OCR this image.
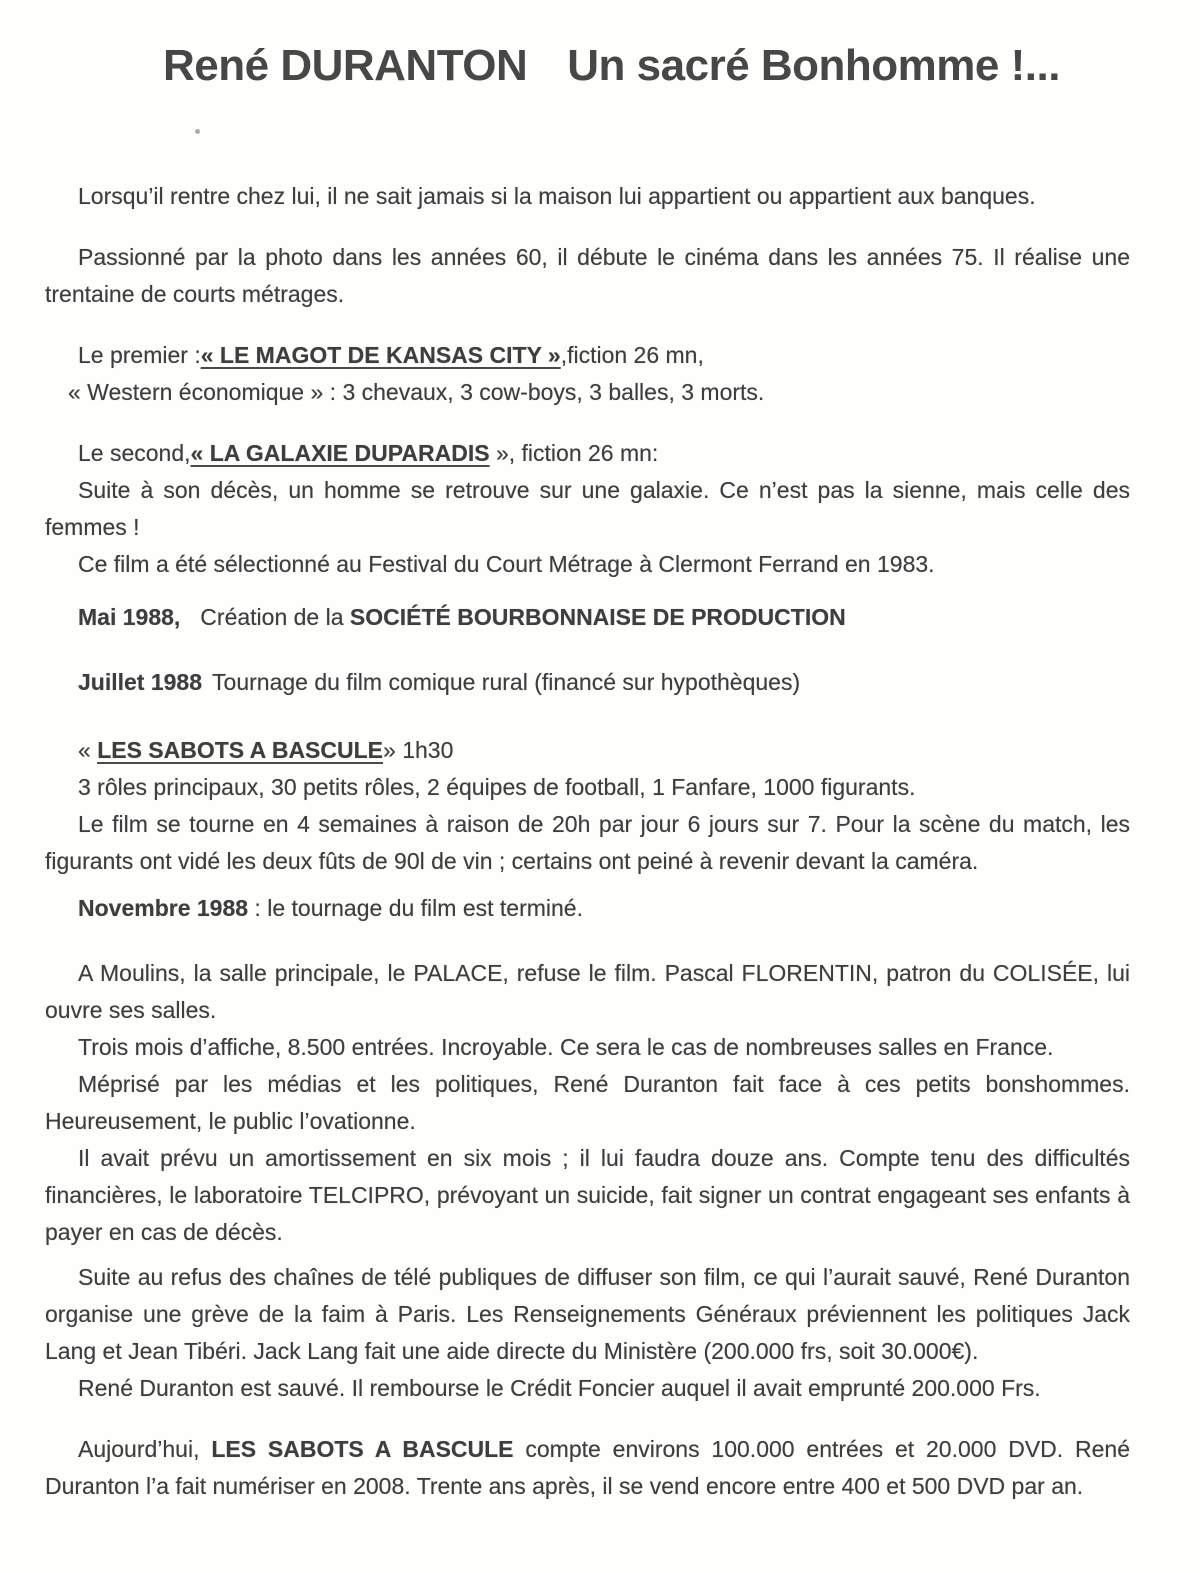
René DURANTON Un sacré Bonhomme !...

Lorsqu’il rentre chez lui, il ne sait jamais si la maison lui appartient ou appartient aux banques.

Passionné par la photo dans les années 60, il débute le cinéma dans les années 75. Il réalise une trentaine de courts métrages.

Le premier :« LE MAGOT DE KANSAS CITY »,fiction 26 mn,

« Western économique » : 3 chevaux, 3 cow-boys, 3 balles, 3 morts.

Le second,« LA GALAXIE DUPARADIS », fiction 26 mn:

Suite à son décès, un homme se retrouve sur une galaxie. Ce n’est pas la sienne, mais celle des femmes !

Ce film a été sélectionné au Festival du Court Métrage à Clermont Ferrand en 1983.

Mai 1988, Création de la SOCIÉTÉ BOURBONNAISE DE PRODUCTION

Juillet 1988 Tournage du film comique rural (financé sur hypothèques)

« LES SABOTS A BASCULE» 1h30

3 rôles principaux, 30 petits rôles, 2 équipes de football, 1 Fanfare, 1000 figurants.

Le film se tourne en 4 semaines à raison de 20h par jour 6 jours sur 7. Pour la scène du match, les figurants ont vidé les deux fûts de 90l de vin ; certains ont peiné à revenir devant la caméra.

Novembre 1988 : le tournage du film est terminé.

A Moulins, la salle principale, le PALACE, refuse le film. Pascal FLORENTIN, patron du COLISÉE, lui ouvre ses salles.

Trois mois d’affiche, 8.500 entrées. Incroyable. Ce sera le cas de nombreuses salles en France.

Méprisé par les médias et les politiques, René Duranton fait face à ces petits bonshommes. Heureusement, le public l’ovationne.

Il avait prévu un amortissement en six mois ; il lui faudra douze ans. Compte tenu des difficultés financières, le laboratoire TELCIPRO, prévoyant un suicide, fait signer un contrat engageant ses enfants à payer en cas de décès.

Suite au refus des chaînes de télé publiques de diffuser son film, ce qui l’aurait sauvé, René Duranton organise une grève de la faim à Paris. Les Renseignements Généraux préviennent les politiques Jack Lang et Jean Tibéri. Jack Lang fait une aide directe du Ministère (200.000 frs, soit 30.000€).

René Duranton est sauvé. Il rembourse le Crédit Foncier auquel il avait emprunté 200.000 Frs.

Aujourd’hui, LES SABOTS A BASCULE compte environs 100.000 entrées et 20.000 DVD. René Duranton l’a fait numériser en 2008. Trente ans après, il se vend encore entre 400 et 500 DVD par an.
